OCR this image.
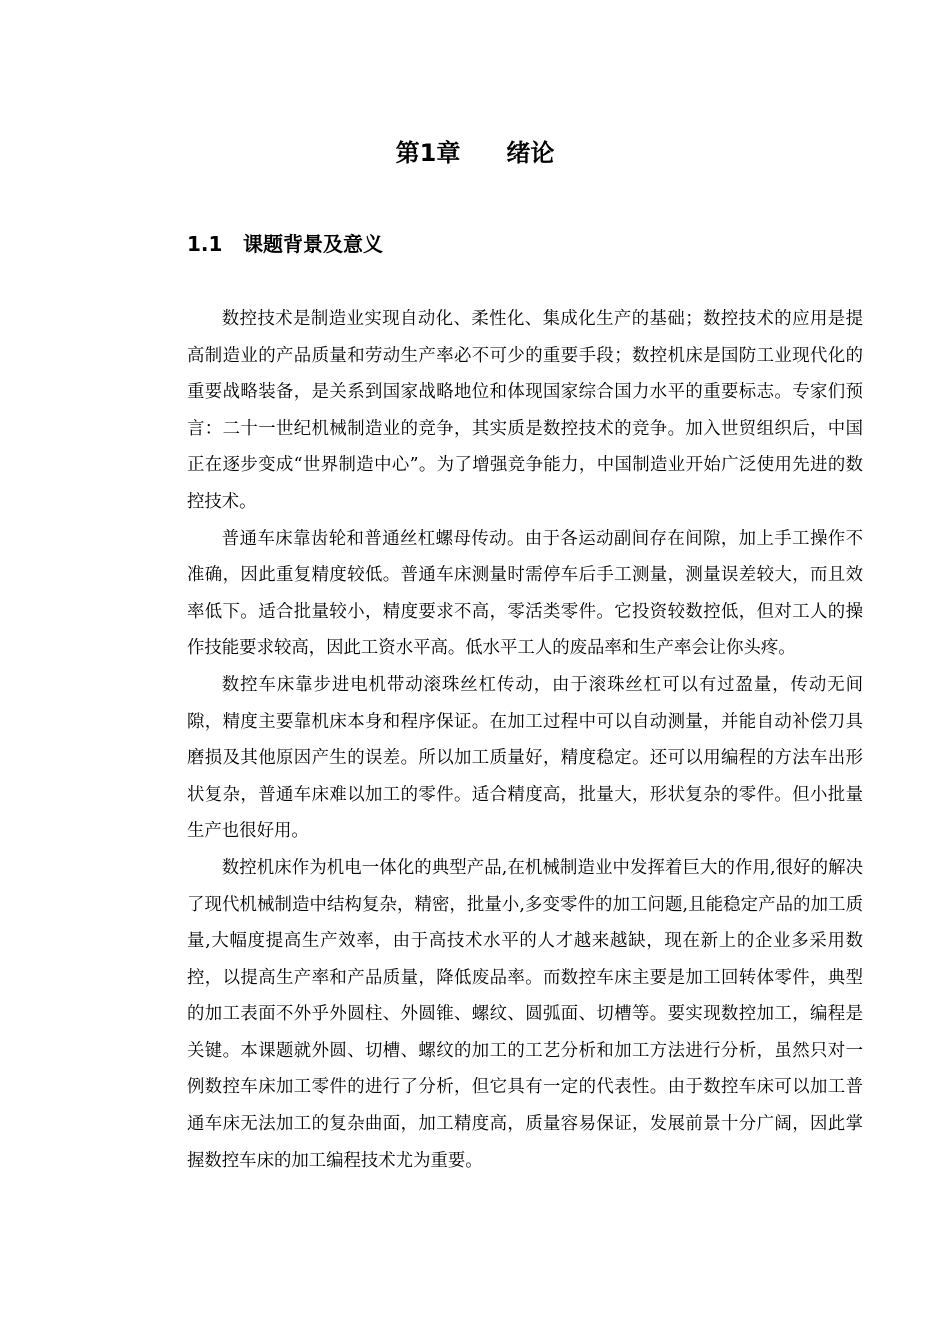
第1章 绪论
1.1 课题背景及意义

数控技术是制造业实现自动化、柔性化、集成化生产的基础；数控技术的应用是提高制造业的产品质量和劳动生产率必不可少的重要手段；数控机床是国防工业现代化的重要战略装备，是关系到国家战略地位和体现国家综合国力水平的重要标志。专家们预言：二十一世纪机械制造业的竞争，其实质是数控技术的竞争。加入世贸组织后，中国正在逐步变成“世界制造中心”。为了增强竞争能力，中国制造业开始广泛使用先进的数控技术。

普通车床靠齿轮和普通丝杠螺母传动。由于各运动副间存在间隙，加上手工操作不准确，因此重复精度较低。普通车床测量时需停车后手工测量，测量误差较大，而且效率低下。适合批量较小，精度要求不高，零活类零件。它投资较数控低，但对工人的操作技能要求较高，因此工资水平高。低水平工人的废品率和生产率会让你头疼。

数控车床靠步进电机带动滚珠丝杠传动，由于滚珠丝杠可以有过盈量，传动无间隙，精度主要靠机床本身和程序保证。在加工过程中可以自动测量，并能自动补偿刀具磨损及其他原因产生的误差。所以加工质量好，精度稳定。还可以用编程的方法车出形状复杂，普通车床难以加工的零件。适合精度高，批量大，形状复杂的零件。但小批量生产也很好用。

数控机床作为机电一体化的典型产品,在机械制造业中发挥着巨大的作用,很好的解决了现代机械制造中结构复杂，精密，批量小,多变零件的加工问题,且能稳定产品的加工质量,大幅度提高生产效率，由于高技术水平的人才越来越缺，现在新上的企业多采用数控，以提高生产率和产品质量，降低废品率。而数控车床主要是加工回转体零件，典型的加工表面不外乎外圆柱、外圆锥、螺纹、圆弧面、切槽等。要实现数控加工，编程是关键。本课题就外圆、切槽、螺纹的加工的工艺分析和加工方法进行分析，虽然只对一例数控车床加工零件的进行了分析，但它具有一定的代表性。由于数控车床可以加工普通车床无法加工的复杂曲面，加工精度高，质量容易保证，发展前景十分广阔，因此掌握数控车床的加工编程技术尤为重要。
